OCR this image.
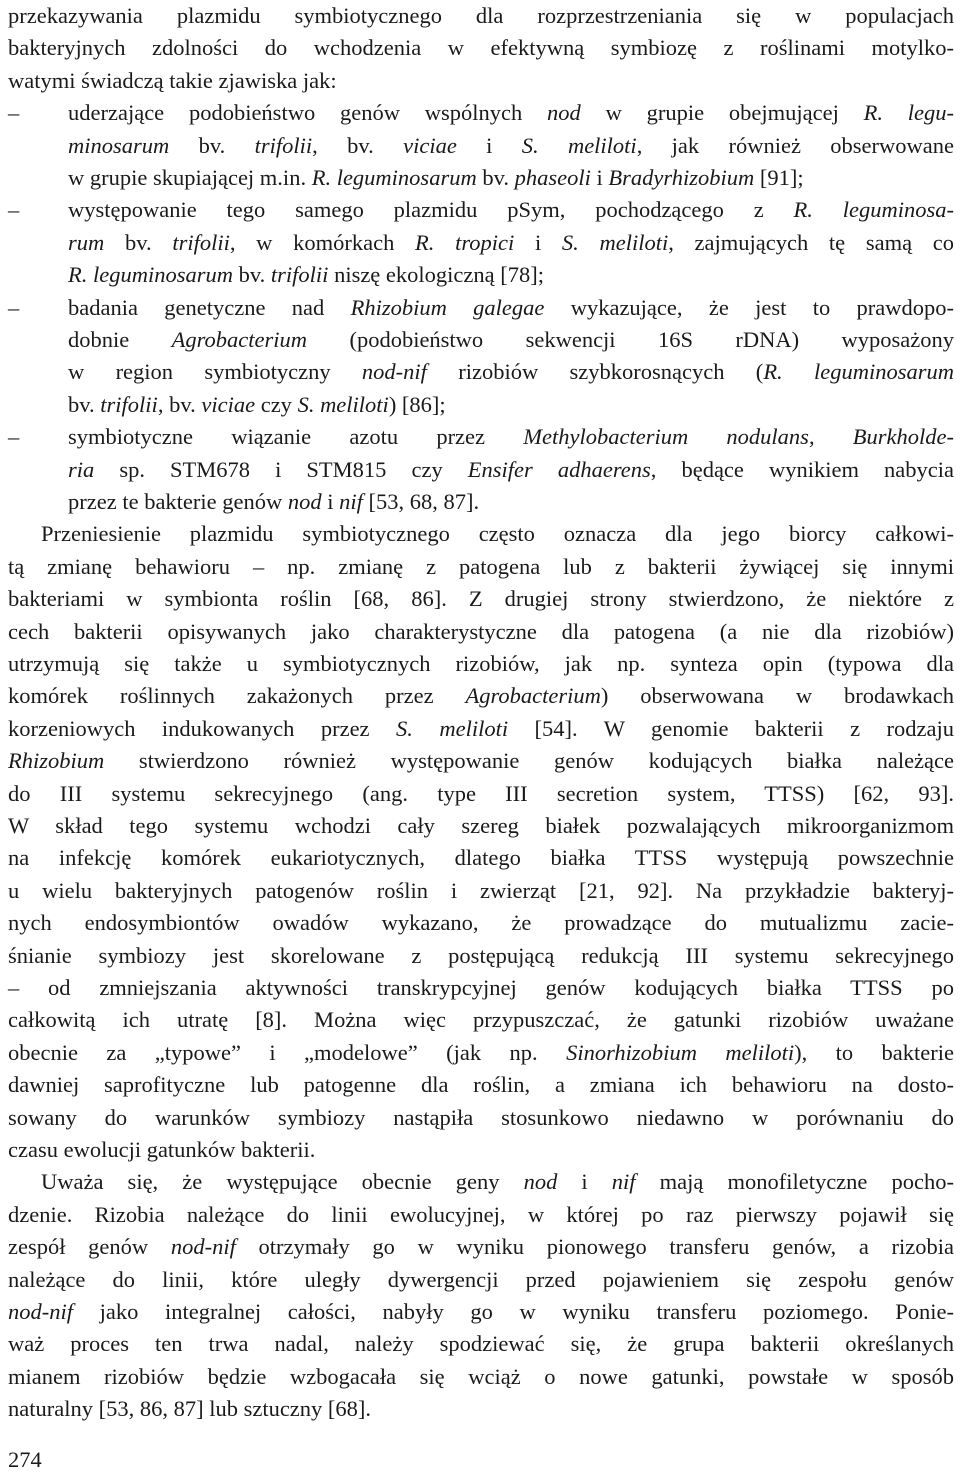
274
przekazywania plazmidu symbiotycznego dla rozprzestrzeniania się w populacjach
bakteryjnych zdolności do wchodzenia w efektywną symbiozę z roślinami motylko-
watymi świadczą takie zjawiska jak:
– uderzające podobieństwo genów wspólnych nod w grupie obejmującej R. legu-
minosarum bv. trifolii, bv. viciae i S. meliloti, jak również obserwowane
w grupie skupiającej m.in. R. leguminosarum bv. phaseoli i Bradyrhizobium [91];
– występowanie tego samego plazmidu pSym, pochodzącego z R. leguminosa-
rum bv. trifolii, w komórkach R. tropici i S. meliloti, zajmujących tę samą co
R. leguminosarum bv. trifolii niszę ekologiczną [78];
– badania genetyczne nad Rhizobium galegae wykazujące, że jest to prawdopo-
dobnie Agrobacterium (podobieństwo sekwencji 16S rDNA) wyposażony
w region symbiotyczny nod-nif rizobiów szybkorosnących (R. leguminosarum
bv. trifolii, bv. viciae czy S. meliloti) [86];
– symbiotyczne wiązanie azotu przez Methylobacterium nodulans, Burkholde-
ria sp. STM678 i STM815 czy Ensifer adhaerens, będące wynikiem nabycia
przez te bakterie genów nod i nif [53, 68, 87].
Przeniesienie plazmidu symbiotycznego często oznacza dla jego biorcy całkowi-
tą zmianę behawioru – np. zmianę z patogena lub z bakterii żywiącej się innymi
bakteriami w symbionta roślin [68, 86]. Z drugiej strony stwierdzono, że niektóre z
cech bakterii opisywanych jako charakterystyczne dla patogena (a nie dla rizobiów)
utrzymują się także u symbiotycznych rizobiów, jak np. synteza opin (typowa dla
komórek roślinnych zakażonych przez Agrobacterium) obserwowana w brodawkach
korzeniowych indukowanych przez S. meliloti [54]. W genomie bakterii z rodzaju
Rhizobium stwierdzono również występowanie genów kodujących białka należące
do III systemu sekrecyjnego (ang. type III secretion system, TTSS) [62, 93].
W skład tego systemu wchodzi cały szereg białek pozwalających mikroorganizmom
na infekcję komórek eukariotycznych, dlatego białka TTSS występują powszechnie
u wielu bakteryjnych patogenów roślin i zwierząt [21, 92]. Na przykładzie bakteryj-
nych endosymbiontów owadów wykazano, że prowadzące do mutualizmu zacie-
śnianie symbiozy jest skorelowane z postępującą redukcją III systemu sekrecyjnego
– od zmniejszania aktywności transkrypcyjnej genów kodujących białka TTSS po
całkowitą ich utratę [8]. Można więc przypuszczać, że gatunki rizobiów uważane
obecnie za „typowe” i „modelowe” (jak np. Sinorhizobium meliloti), to bakterie
dawniej saprofityczne lub patogenne dla roślin, a zmiana ich behawioru na dosto-
sowany do warunków symbiozy nastąpiła stosunkowo niedawno w porównaniu do
czasu ewolucji gatunków bakterii.
Uważa się, że występujące obecnie geny nod i nif mają monofiletyczne pocho-
dzenie. Rizobia należące do linii ewolucyjnej, w której po raz pierwszy pojawił się
zespół genów nod-nif otrzymały go w wyniku pionowego transferu genów, a rizobia
należące do linii, które uległy dywergencji przed pojawieniem się zespołu genów
nod-nif jako integralnej całości, nabyły go w wyniku transferu poziomego. Ponie-
waż proces ten trwa nadal, należy spodziewać się, że grupa bakterii określanych
mianem rizobiów będzie wzbogacała się wciąż o nowe gatunki, powstałe w sposób
naturalny [53, 86, 87] lub sztuczny [68].
